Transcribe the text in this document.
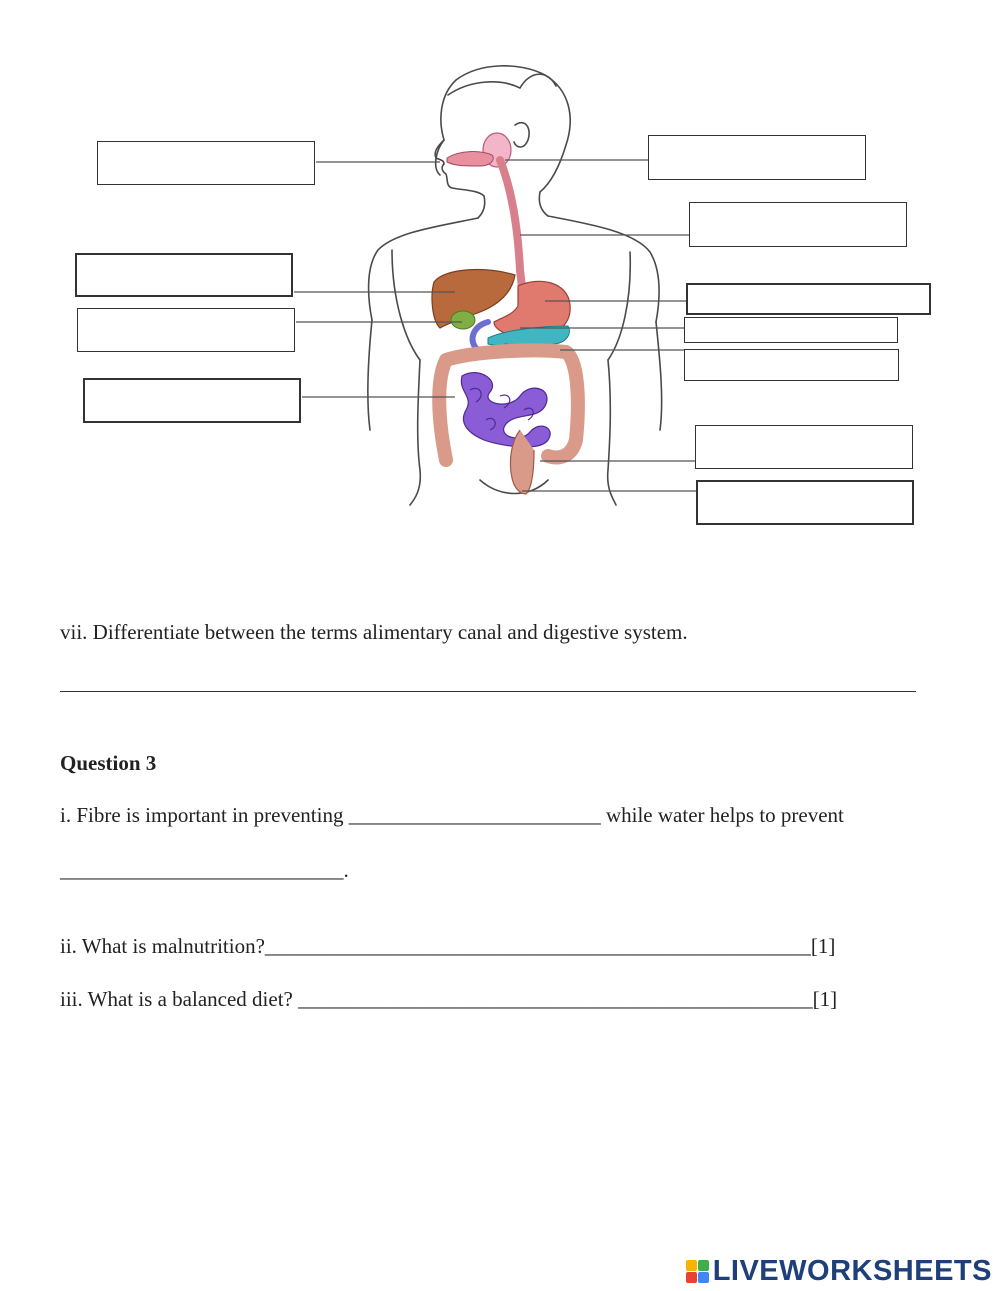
vii. Differentiate between the terms alimentary canal and digestive system.

Question 3

i. Fibre is important in preventing ________________________ while water helps to prevent

___________________________.

ii. What is malnutrition?____________________________________________________[1]

iii. What is a balanced diet? _________________________________________________[1]

LIVEWORKSHEETS
